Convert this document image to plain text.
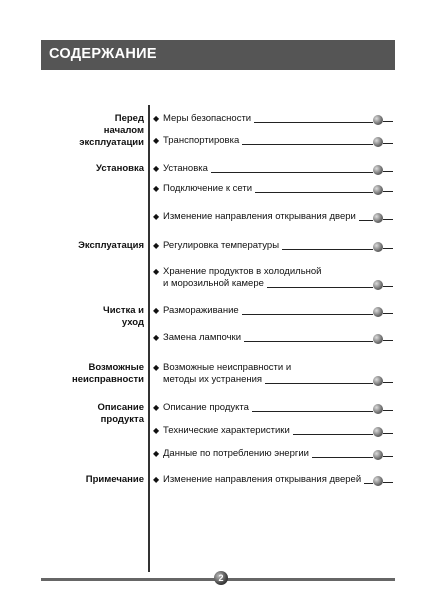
СОДЕРЖАНИЕ
Перед
началом
эксплуатации
◆ Меры безопасности
◆ Транспортировка
Установка ◆ Установка
◆ Подключение к сети
◆ Изменение направления открывания двери
Эксплуатация ◆ Регулировка температуры
◆ Хранение продуктов в холодильной
и морозильной камере
Чистка и
уход
◆ Размораживание
◆ Замена лампочки
Возможные
неисправности
◆ Возможные неисправности и
методы их устранения
Описание
продукта
◆ Описание продукта
◆ Технические характеристики
◆ Данные по потреблению энергии
Примечание ◆ Изменение направления открывания дверей
2
